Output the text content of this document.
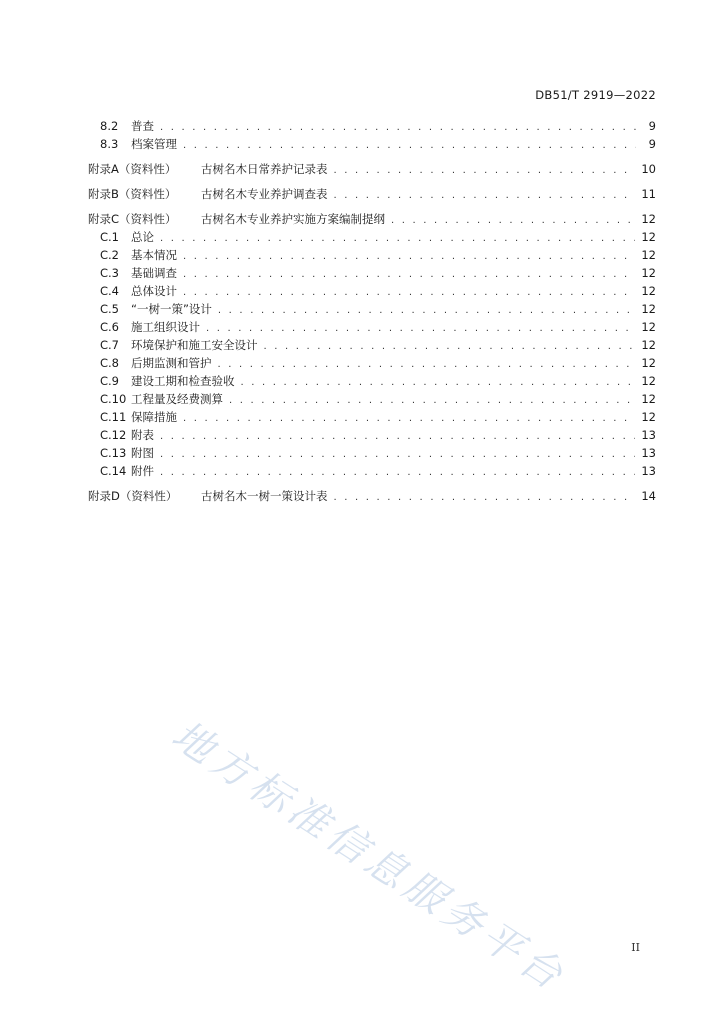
DB51/T 2919—2022
8.2	普查 . . .	9
8.3	档案管理 . . .	9
附录A（资料性）	古树名木日常养护记录表 . . .	10
附录B（资料性）	古树名木专业养护调查表 . . .	11
附录C（资料性）	古树名木专业养护实施方案编制提纲 . . .	12
C.1	总论 . . .	12
C.2	基本情况 . . .	12
C.3	基础调查 . . .	12
C.4	总体设计 . . .	12
C.5	“一树一策”设计 . . .	12
C.6	施工组织设计 . . .	12
C.7	环境保护和施工安全设计 . . .	12
C.8	后期监测和管护 . . .	12
C.9	建设工期和检查验收 . . .	12
C.10 工程量及经费测算 . . .	12
C.11 保障措施 . . .	12
C.12 附表 . . .	13
C.13 附图 . . .	13
C.14 附件 . . .	13
附录D（资料性）	古树名木一树一策设计表 . . .	14
II
地方标准信息服务平台
